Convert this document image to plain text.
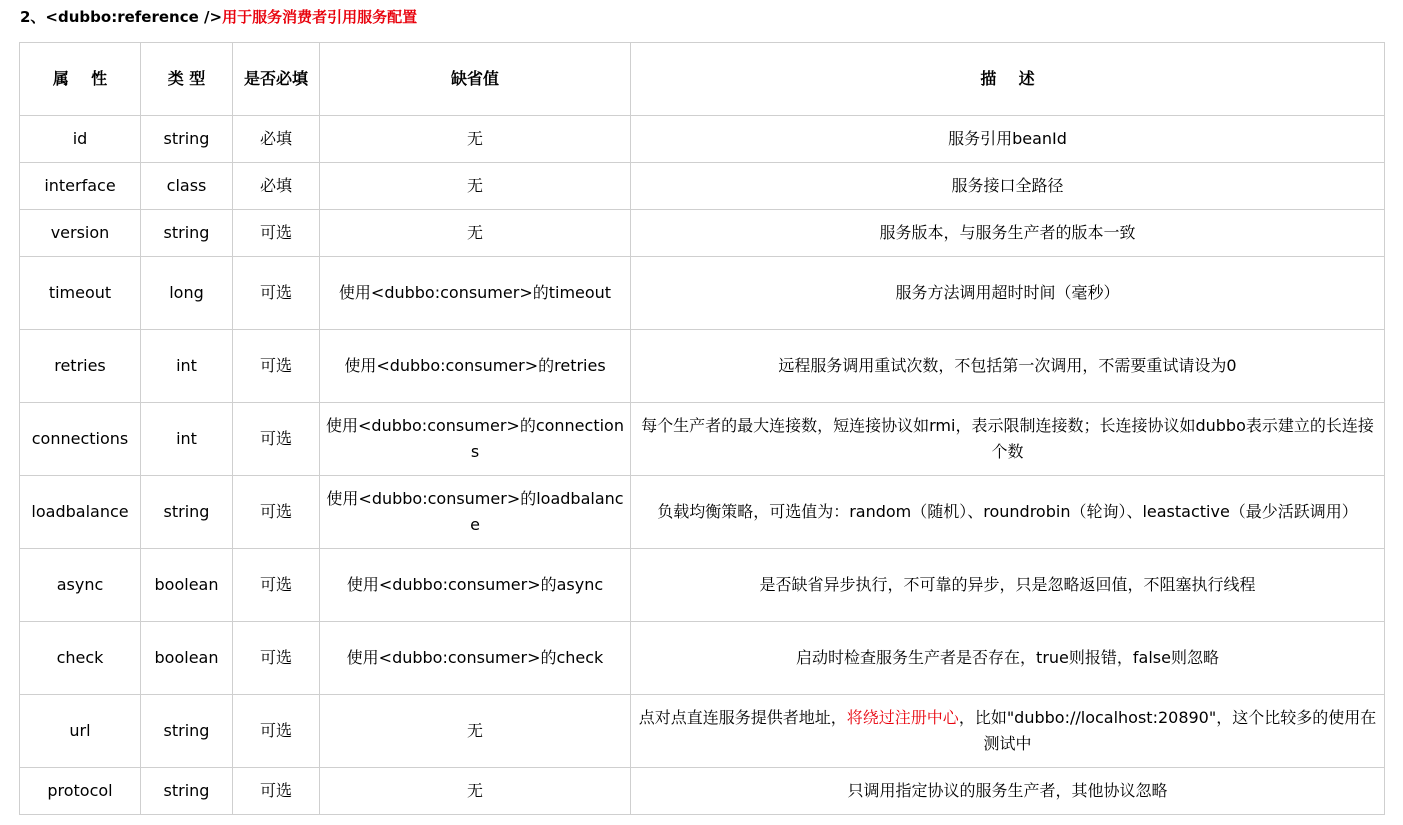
2、<dubbo:reference />用于服务消费者引用服务配置
属    性	类 型	是否必填	缺省值	描    述
id	string	必填	无	服务引用beanId
interface	class	必填	无	服务接口全路径
version	string	可选	无	服务版本，与服务生产者的版本一致
timeout	long	可选	使用<dubbo:consumer>的timeout	服务方法调用超时时间（毫秒）
retries	int	可选	使用<dubbo:consumer>的retries	远程服务调用重试次数，不包括第一次调用，不需要重试请设为0
connections	int	可选	使用<dubbo:consumer>的connections	每个生产者的最大连接数，短连接协议如rmi，表示限制连接数；长连接协议如dubbo表示建立的长连接个数
loadbalance	string	可选	使用<dubbo:consumer>的loadbalance	负载均衡策略，可选值为：random（随机）、roundrobin（轮询）、leastactive（最少活跃调用）
async	boolean	可选	使用<dubbo:consumer>的async	是否缺省异步执行，不可靠的异步，只是忽略返回值，不阻塞执行线程
check	boolean	可选	使用<dubbo:consumer>的check	启动时检查服务生产者是否存在，true则报错，false则忽略
url	string	可选	无	点对点直连服务提供者地址，将绕过注册中心，比如"dubbo://localhost:20890"，这个比较多的使用在测试中
protocol	string	可选	无	只调用指定协议的服务生产者，其他协议忽略
